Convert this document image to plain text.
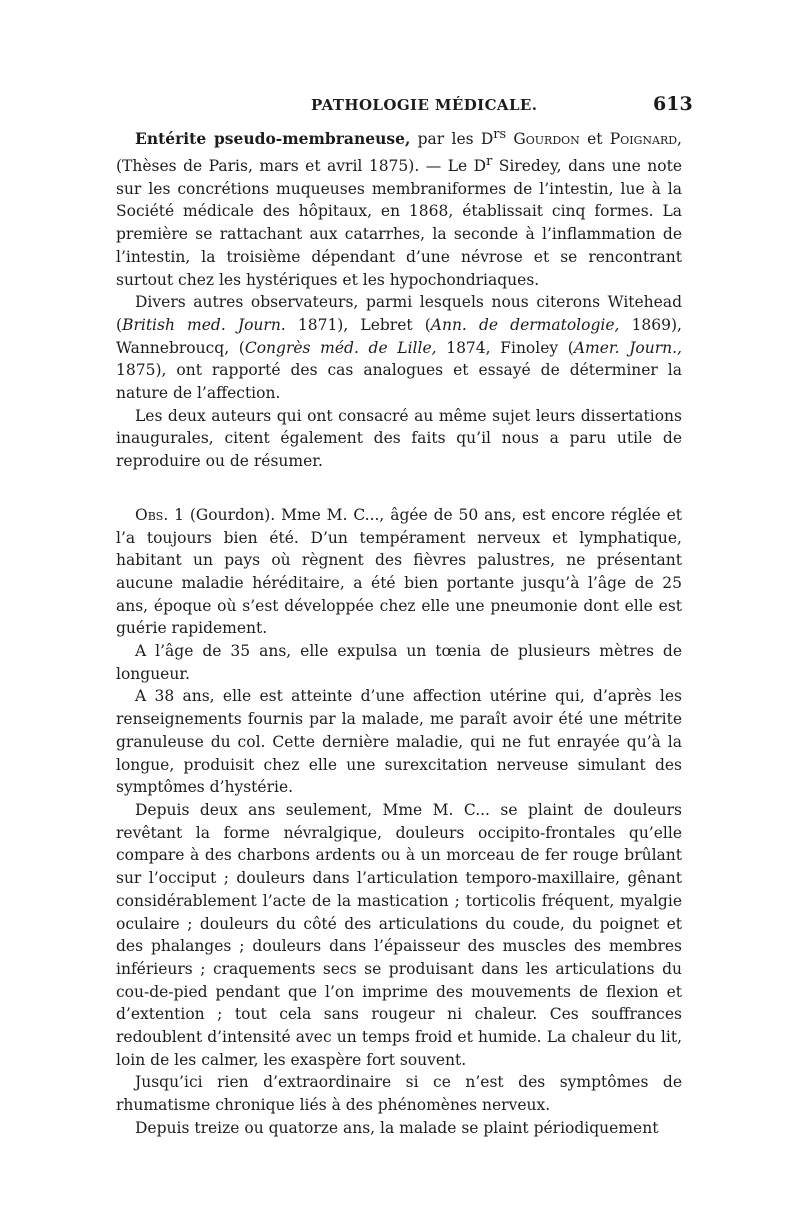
PATHOLOGIE MÉDICALE.	613

Entérite pseudo-membraneuse, par les $D^{rs}$ Gourdon et Poignard, (Thèses de Paris, mars et avril 1875). — Le $D^r$ Siredey, dans une note sur les concrétions muqueuses membraniformes de l’intestin, lue à la Société médicale des hôpitaux, en 1868, établissait cinq formes. La première se rattachant aux catarrhes, la seconde à l’inflammation de l’intestin, la troisième dépendant d’une névrose et se rencontrant surtout chez les hystériques et les hypochondriaques.

Divers autres observateurs, parmi lesquels nous citerons Witehead (British med. Journ. 1871), Lebret (Ann. de dermatologie, 1869), Wannebroucq, (Congrès méd. de Lille, 1874, Finoley (Amer. Journ., 1875), ont rapporté des cas analogues et essayé de déterminer la nature de l’affection.

Les deux auteurs qui ont consacré au même sujet leurs dissertations inaugurales, citent également des faits qu’il nous a paru utile de reproduire ou de résumer.

Obs. 1 (Gourdon). Mme M. C..., âgée de 50 ans, est encore réglée et l’a toujours bien été. D’un tempérament nerveux et lymphatique, habitant un pays où règnent des fièvres palustres, ne présentant aucune maladie héréditaire, a été bien portante jusqu’à l’âge de 25 ans, époque où s’est développée chez elle une pneumonie dont elle est guérie rapidement.

A l’âge de 35 ans, elle expulsa un tœnia de plusieurs mètres de longueur.

A 38 ans, elle est atteinte d’une affection utérine qui, d’après les renseignements fournis par la malade, me paraît avoir été une métrite granuleuse du col. Cette dernière maladie, qui ne fut enrayée qu’à la longue, produisit chez elle une surexcitation nerveuse simulant des symptômes d’hystérie.

Depuis deux ans seulement, Mme M. C... se plaint de douleurs revêtant la forme névralgique, douleurs occipito-frontales qu’elle compare à des charbons ardents ou à un morceau de fer rouge brûlant sur l’occiput ; douleurs dans l’articulation temporo-maxillaire, gênant considérablement l’acte de la mastication ; torticolis fréquent, myalgie oculaire ; douleurs du côté des articulations du coude, du poignet et des phalanges ; douleurs dans l’épaisseur des muscles des membres inférieurs ; craquements secs se produisant dans les articulations du cou-de-pied pendant que l’on imprime des mouvements de flexion et d’extention ; tout cela sans rougeur ni chaleur. Ces souffrances redoublent d’intensité avec un temps froid et humide. La chaleur du lit, loin de les calmer, les exaspère fort souvent.

Jusqu’ici rien d’extraordinaire si ce n’est des symptômes de rhumatisme chronique liés à des phénomènes nerveux.

Depuis treize ou quatorze ans, la malade se plaint périodiquement
